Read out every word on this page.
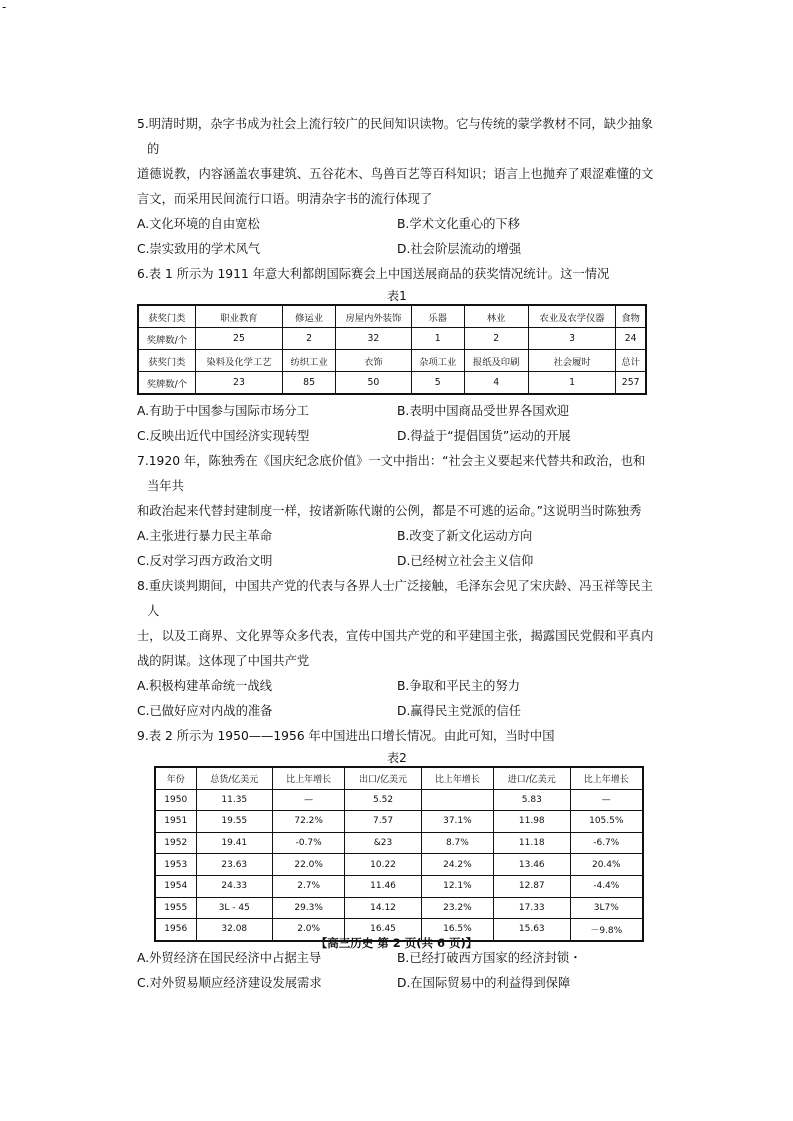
-

5.明清时期，杂字书成为社会上流行较广的民间知识读物。它与传统的蒙学教材不同，缺少抽象的

道德说教，内容涵盖农事建筑、五谷花木、鸟兽百艺等百科知识；语言上也抛弃了艰涩难懂的文

言文，而采用民间流行口语。明清杂字书的流行体现了

A.文化环境的自由宽松	B.学术文化重心的下移
C.崇实致用的学术风气	D.社会阶层流动的增强

6.表 1 所示为 1911 年意大利都朗国际赛会上中国送展商品的获奖情况统计。这一情况

表1
获奖门类	职业教育	修运业	房屋内外装饰	乐器	林业	农业及农学仪器	食物
奖牌数/个	25	2	32	1	2	3	24
获奖门类	染料及化学工艺	纺织工业	衣饰	杂项工业	报纸及印刷	社会履时	总计
奖牌数/个	23	85	50	5	4	1	257
A.有助于中国参与国际市场分工	B.表明中国商品受世界各国欢迎
C.反映出近代中国经济实现转型	D.得益于“提倡国货”运动的开展

7.1920 年，陈独秀在《国庆纪念底价值》一文中指出：“社会主义要起来代替共和政治，也和当年共

和政治起来代替封建制度一样，按诸新陈代谢的公例，都是不可逃的运命。”这说明当时陈独秀

A.主张进行暴力民主革命	B.改变了新文化运动方向
C.反对学习西方政治文明	D.已经树立社会主义信仰

8.重庆谈判期间，中国共产党的代表与各界人士广泛接触，毛泽东会见了宋庆龄、冯玉祥等民主人

士，以及工商界、文化界等众多代表，宣传中国共产党的和平建国主张，揭露国民党假和平真内

战的阴谋。这体现了中国共产党

A.积极构建革命统一战线	B.争取和平民主的努力
C.已做好应对内战的准备	D.赢得民主党派的信任

9.表 2 所示为 1950——1956 年中国进出口增长情况。由此可知，当时中国

表2
年份	总货/亿美元	比上年增长	出口/亿美元	比上年增长	进口/亿美元	比上年增长
1950	11.35	—	5.52		5.83	—
1951	19.55	72.2%	7.57	37.1%	11.98	105.5%
1952	19.41	-0.7%	&23	8.7%	11.18	-6.7%
1953	23.63	22.0%	10.22	24.2%	13.46	20.4%
1954	24.33	2.7%	11.46	12.1%	12.87	-4.4%
1955	3L - 45	29.3%	14.12	23.2%	17.33	3L7%
1956	32.08	2.0%	16.45	16.5%	15.63	－9.8%
A.外贸经济在国民经济中占据主导	B.已经打破西方国家的经济封锁・
C.对外贸易顺应经济建设发展需求	D.在国际贸易中的利益得到保障
【高三历史 第 2 页(共 6 页)】
